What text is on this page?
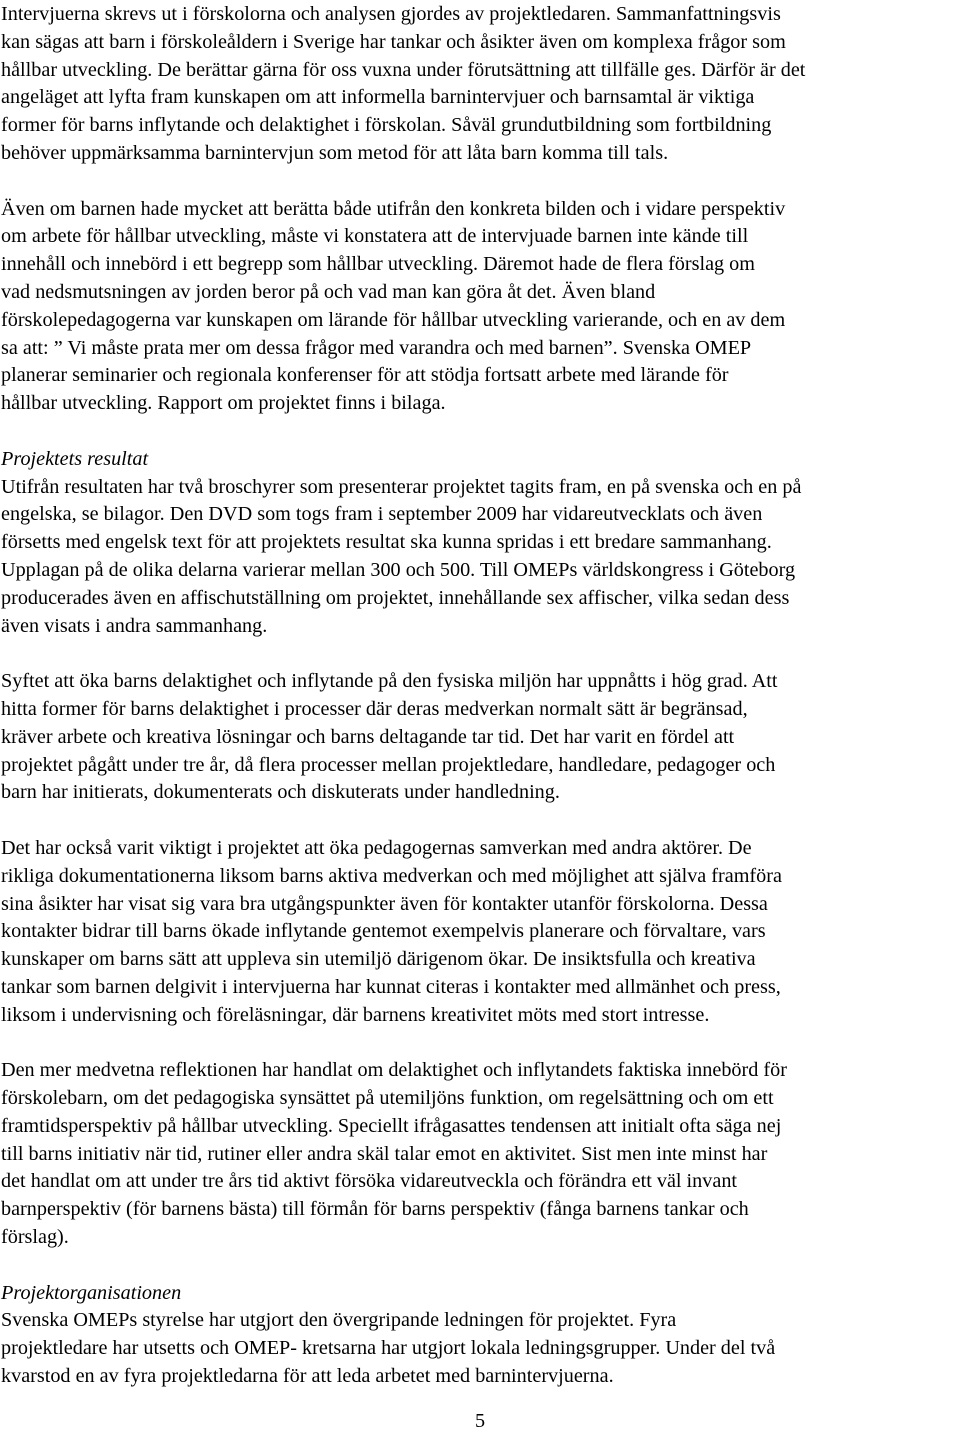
Intervjuerna skrevs ut i förskolorna och analysen gjordes av projektledaren. Sammanfattningsvis
kan sägas att barn i förskoleåldern i Sverige har tankar och åsikter även om komplexa frågor som
hållbar utveckling. De berättar gärna för oss vuxna under förutsättning att tillfälle ges. Därför är det
angeläget att lyfta fram kunskapen om att informella barnintervjuer och barnsamtal är viktiga
former för barns inflytande och delaktighet i förskolan. Såväl grundutbildning som fortbildning
behöver uppmärksamma barnintervjun som metod för att låta barn komma till tals.

Även om barnen hade mycket att berätta både utifrån den konkreta bilden och i vidare perspektiv
om arbete för hållbar utveckling, måste vi konstatera att de intervjuade barnen inte kände till
innehåll och innebörd i ett begrepp som hållbar utveckling. Däremot hade de flera förslag om
vad nedsmutsningen av jorden beror på och vad man kan göra åt det. Även bland
förskolepedagogerna var kunskapen om lärande för hållbar utveckling varierande, och en av dem
sa att: ” Vi måste prata mer om dessa frågor med varandra och med barnen”. Svenska OMEP
planerar seminarier och regionala konferenser för att stödja fortsatt arbete med lärande för
hållbar utveckling. Rapport om projektet finns i bilaga.

Projektets resultat
Utifrån resultaten har två broschyrer som presenterar projektet tagits fram, en på svenska och en på
engelska, se bilagor. Den DVD som togs fram i september 2009 har vidareutvecklats och även
försetts med engelsk text för att projektets resultat ska kunna spridas i ett bredare sammanhang.
Upplagan på de olika delarna varierar mellan 300 och 500. Till OMEPs världskongress i Göteborg
producerades även en affischutställning om projektet, innehållande sex affischer, vilka sedan dess
även visats i andra sammanhang.

Syftet att öka barns delaktighet och inflytande på den fysiska miljön har uppnåtts i hög grad. Att
hitta former för barns delaktighet i processer där deras medverkan normalt sätt är begränsad,
kräver arbete och kreativa lösningar och barns deltagande tar tid. Det har varit en fördel att
projektet pågått under tre år, då flera processer mellan projektledare, handledare, pedagoger och
barn har initierats, dokumenterats och diskuterats under handledning.

Det har också varit viktigt i projektet att öka pedagogernas samverkan med andra aktörer. De
rikliga dokumentationerna liksom barns aktiva medverkan och med möjlighet att själva framföra
sina åsikter har visat sig vara bra utgångspunkter även för kontakter utanför förskolorna. Dessa
kontakter bidrar till barns ökade inflytande gentemot exempelvis planerare och förvaltare, vars
kunskaper om barns sätt att uppleva sin utemiljö därigenom ökar. De insiktsfulla och kreativa
tankar som barnen delgivit i intervjuerna har kunnat citeras i kontakter med allmänhet och press,
liksom i undervisning och föreläsningar, där barnens kreativitet möts med stort intresse.

Den mer medvetna reflektionen har handlat om delaktighet och inflytandets faktiska innebörd för
förskolebarn, om det pedagogiska synsättet på utemiljöns funktion, om regelsättning och om ett
framtidsperspektiv på hållbar utveckling. Speciellt ifrågasattes tendensen att initialt ofta säga nej
till barns initiativ när tid, rutiner eller andra skäl talar emot en aktivitet. Sist men inte minst har
det handlat om att under tre års tid aktivt försöka vidareutveckla och förändra ett väl invant
barnperspektiv (för barnens bästa) till förmån för barns perspektiv (fånga barnens tankar och
förslag).

Projektorganisationen
Svenska OMEPs styrelse har utgjort den övergripande ledningen för projektet. Fyra
projektledare har utsetts och OMEP- kretsarna har utgjort lokala ledningsgrupper. Under del två
kvarstod en av fyra projektledarna för att leda arbetet med barnintervjuerna.

5
